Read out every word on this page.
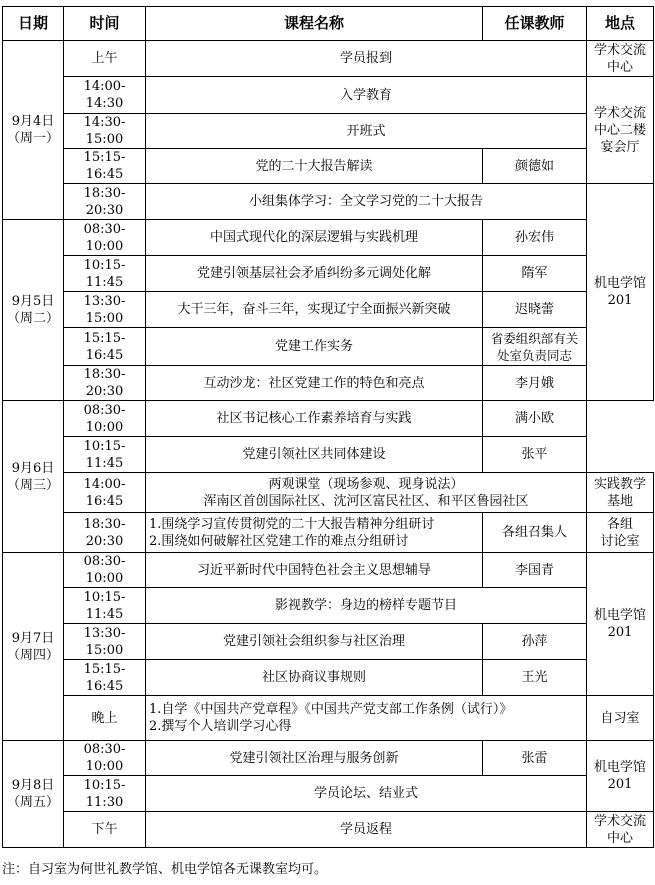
日期	时间	课程名称	任课教师	地点
9月4日
（周一）	上午	学员报到		学术交流
中心
	14:00-14:30	入学教育		学术交流
中心二楼
宴会厅
	14:30-15:00	开班式		
	15:15-16:45	党的二十大报告解读	颜德如	
	18:30-20:30	小组集体学习：全文学习党的二十大报告		机电学馆
201
9月5日
（周二）	08:30-10:00	中国式现代化的深层逻辑与实践机理	孙宏伟	
	10:15-11:45	党建引领基层社会矛盾纠纷多元调处化解	隋军	
	13:30-15:00	大干三年，奋斗三年，实现辽宁全面振兴新突破	迟晓蕾	
	15:15-16:45	党建工作实务	省委组织部有关
处室负责同志	
	18:30-20:30	互动沙龙：社区党建工作的特色和亮点	李月娥	
9月6日
（周三）	08:30-10:00	社区书记核心工作素养培育与实践	满小欧	
	10:15-11:45	党建引领社区共同体建设	张平	
	14:00-16:45	两观课堂（现场参观、现身说法）
浑南区首创国际社区、沈河区富民社区、和平区鲁园社区		实践教学
基地
	18:30-20:30	1.围绕学习宣传贯彻党的二十大报告精神分组研讨
2.围绕如何破解社区党建工作的难点分组研讨	各组召集人	各组
讨论室
9月7日
（周四）	08:30-10:00	习近平新时代中国特色社会主义思想辅导	李国青	机电学馆
201
	10:15-11:45	影视教学：身边的榜样专题节目		
	13:30-15:00	党建引领社会组织参与社区治理	孙萍	
	15:15-16:45	社区协商议事规则	王光	
	晚上	1.自学《中国共产党章程》《中国共产党支部工作条例（试行）》
2.撰写个人培训学习心得		自习室
9月8日
（周五）	08:30-10:00	党建引领社区治理与服务创新	张雷	机电学馆
201
	10:15-11:30	学员论坛、结业式		
	下午	学员返程		学术交流
中心
注：自习室为何世礼教学馆、机电学馆各无课教室均可。
